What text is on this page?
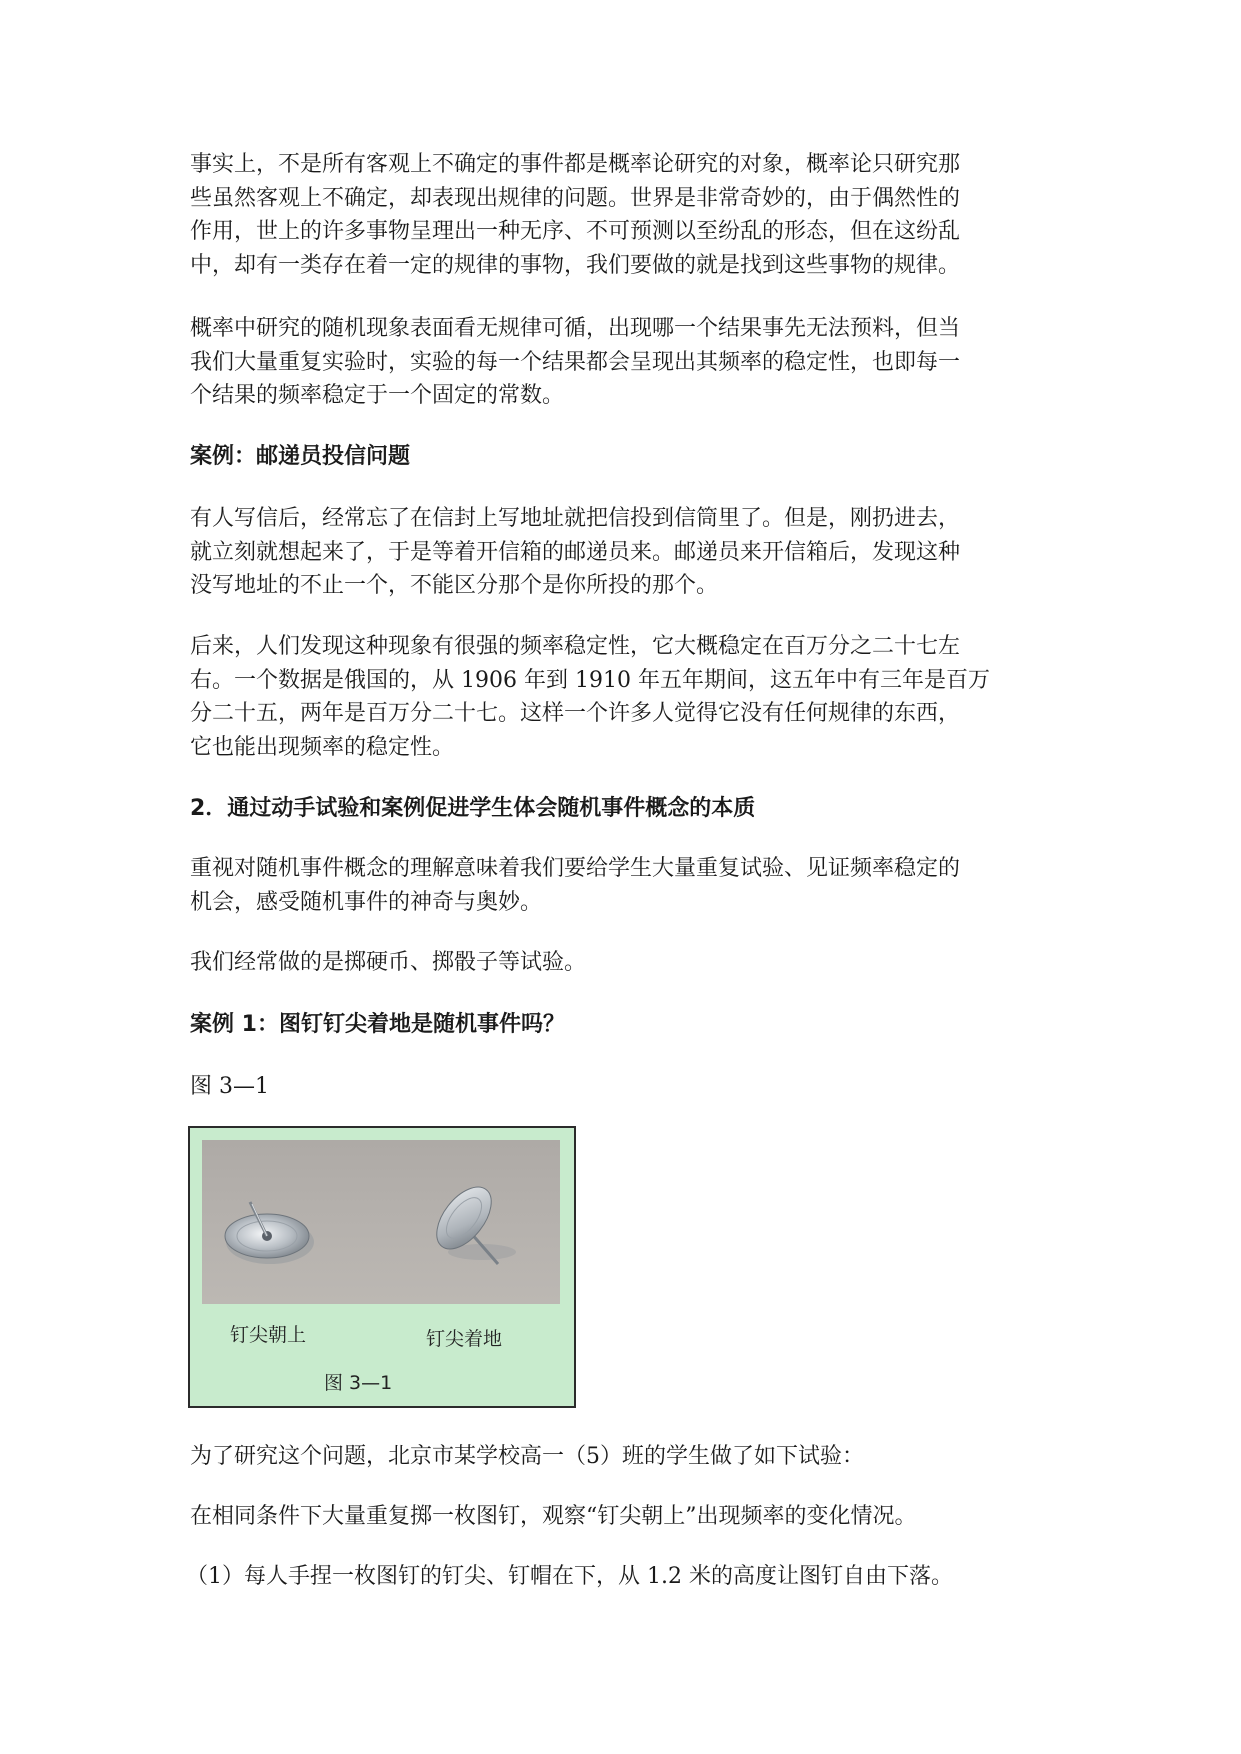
事实上，不是所有客观上不确定的事件都是概率论研究的对象，概率论只研究那
些虽然客观上不确定，却表现出规律的问题。世界是非常奇妙的，由于偶然性的
作用，世上的许多事物呈理出一种无序、不可预测以至纷乱的形态，但在这纷乱
中，却有一类存在着一定的规律的事物，我们要做的就是找到这些事物的规律。
概率中研究的随机现象表面看无规律可循，出现哪一个结果事先无法预料，但当
我们大量重复实验时，实验的每一个结果都会呈现出其频率的稳定性，也即每一
个结果的频率稳定于一个固定的常数。
案例：邮递员投信问题
有人写信后，经常忘了在信封上写地址就把信投到信筒里了。但是，刚扔进去，
就立刻就想起来了，于是等着开信箱的邮递员来。邮递员来开信箱后，发现这种
没写地址的不止一个，不能区分那个是你所投的那个。
后来，人们发现这种现象有很强的频率稳定性，它大概稳定在百万分之二十七左
右。一个数据是俄国的，从 1906 年到 1910 年五年期间，这五年中有三年是百万
分二十五，两年是百万分二十七。这样一个许多人觉得它没有任何规律的东西，
它也能出现频率的稳定性。
2．通过动手试验和案例促进学生体会随机事件概念的本质
重视对随机事件概念的理解意味着我们要给学生大量重复试验、见证频率稳定的
机会，感受随机事件的神奇与奥妙。
我们经常做的是掷硬币、掷骰子等试验。
案例 1：图钉钉尖着地是随机事件吗？
图 3—1
钉尖朝上	钉尖着地
图 3—1
为了研究这个问题，北京市某学校高一（5）班的学生做了如下试验：
在相同条件下大量重复掷一枚图钉，观察“钉尖朝上”出现频率的变化情况。
（1）每人手捏一枚图钉的钉尖、钉帽在下，从 1.2 米的高度让图钉自由下落。
